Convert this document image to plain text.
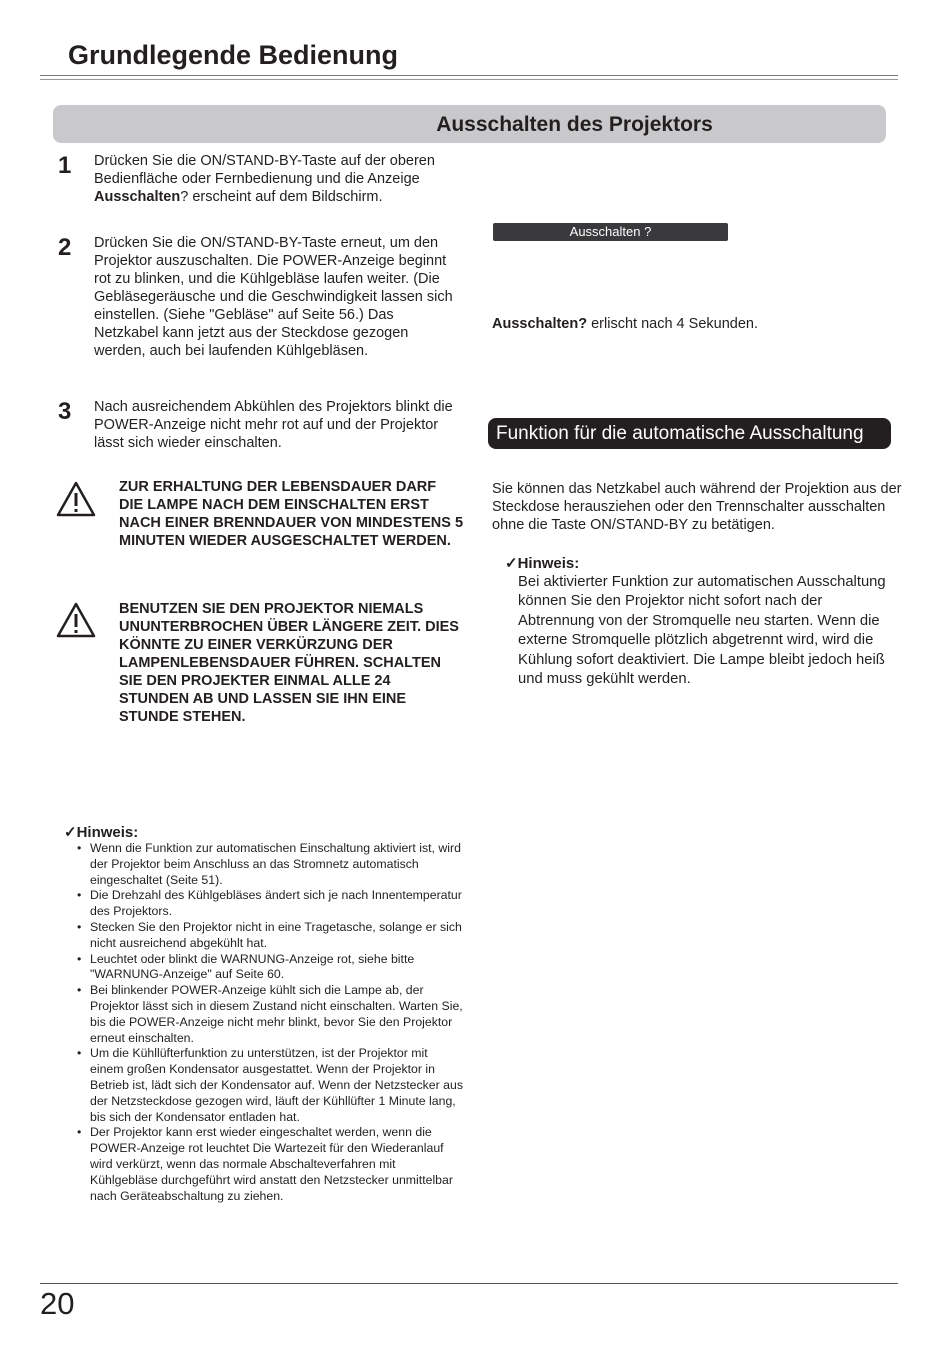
Grundlegende Bedienung
Ausschalten des Projektors
1 Drücken Sie die ON/STAND-BY-Taste auf der oberen Bedienfläche oder Fernbedienung und die Anzeige Ausschalten? erscheint auf dem Bildschirm.
2 Drücken Sie die ON/STAND-BY-Taste erneut, um den Projektor auszuschalten. Die POWER-Anzeige beginnt rot zu blinken, und die Kühlgebläse laufen weiter. (Die Gebläsegeräusche und die Geschwindigkeit lassen sich einstellen. (Siehe "Gebläse" auf Seite 56.) Das Netzkabel kann jetzt aus der Steckdose gezogen werden, auch bei laufenden Kühlgebläsen.
3 Nach ausreichendem Abkühlen des Projektors blinkt die POWER-Anzeige nicht mehr rot auf und der Projektor lässt sich wieder einschalten.
ZUR ERHALTUNG DER LEBENSDAUER DARF DIE LAMPE NACH DEM EINSCHALTEN ERST NACH EINER BRENNDAUER VON MINDESTENS 5 MINUTEN WIEDER AUSGESCHALTET WERDEN.
BENUTZEN SIE DEN PROJEKTOR NIEMALS UNUNTERBROCHEN ÜBER LÄNGERE ZEIT. DIES KÖNNTE ZU EINER VERKÜRZUNG DER LAMPENLEBENSDAUER FÜHREN. SCHALTEN SIE DEN PROJEKTER EINMAL ALLE 24 STUNDEN AB UND LASSEN SIE IHN EINE STUNDE STEHEN.
Ausschalten ?
Ausschalten? erlischt nach 4 Sekunden.
Funktion für die automatische Ausschaltung
Sie können das Netzkabel auch während der Projektion aus der Steckdose herausziehen oder den Trennschalter ausschalten ohne die Taste ON/STAND-BY zu betätigen.
✓Hinweis:
Bei aktivierter Funktion zur automatischen Ausschaltung können Sie den Projektor nicht sofort nach der Abtrennung von der Stromquelle neu starten. Wenn die externe Stromquelle plötzlich abgetrennt wird, wird die Kühlung sofort deaktiviert. Die Lampe bleibt jedoch heiß und muss gekühlt werden.
✓Hinweis:
• Wenn die Funktion zur automatischen Einschaltung aktiviert ist, wird der Projektor beim Anschluss an das Stromnetz automatisch eingeschaltet (Seite 51).
• Die Drehzahl des Kühlgebläses ändert sich je nach Innentemperatur des Projektors.
• Stecken Sie den Projektor nicht in eine Tragetasche, solange er sich nicht ausreichend abgekühlt hat.
• Leuchtet oder blinkt die WARNUNG-Anzeige rot, siehe bitte "WARNUNG-Anzeige" auf Seite 60.
• Bei blinkender POWER-Anzeige kühlt sich die Lampe ab, der Projektor lässt sich in diesem Zustand nicht einschalten. Warten Sie, bis die POWER-Anzeige nicht mehr blinkt, bevor Sie den Projektor erneut einschalten.
• Um die Kühllüfterfunktion zu unterstützen, ist der Projektor mit einem großen Kondensator ausgestattet. Wenn der Projektor in Betrieb ist, lädt sich der Kondensator auf. Wenn der Netzstecker aus der Netzsteckdose gezogen wird, läuft der Kühllüfter 1 Minute lang, bis sich der Kondensator entladen hat.
• Der Projektor kann erst wieder eingeschaltet werden, wenn die POWER-Anzeige rot leuchtet Die Wartezeit für den Wiederanlauf wird verkürzt, wenn das normale Abschalteverfahren mit Kühlgebläse durchgeführt wird anstatt den Netzstecker unmittelbar nach Geräteabschaltung zu ziehen.
20
